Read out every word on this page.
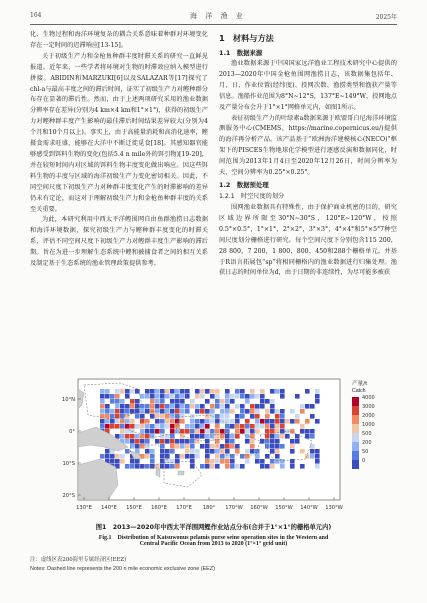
164	海 洋 渔 业	2025年

化、生物过程和海洋环境复杂的耦合关系意味着种群对环境变化存在一定时间的迟滞响应[13-15]。

关于初级生产力和金枪鱼种群丰度时滞关系的研究一直鲜见报道。近年来，一些学者将环境对生物的时滞效应纳入模型进行拼接。ABIDIN和MARZUKI[6]以及SALAZAR等[17]探究了chl-a与最高丰度之间的滞后时间，证实了初级生产力对鲣种群分布存在显著的滞后性。然而，由于上述两项研究采用的渔业数据分辨率存在差异(分别为4 km×4 km和1°×1°)，获得的初级生产力对鲣种群丰度产生影响的最佳滞后时间结果差异较大(分别为4个月和10个月以上)。事实上，由于高能量消耗和高消化速率，鲣摄食需求旺盛，能够在大洋中不断迁徙觅食[18]。其感知器官能够感受到饵料生物的变化(包括5.4 n mile外的饵引物)[19-20]，并在较短时间内对区域的饵料生物丰度变化做出响应。因这些饵料生物的丰度与区域的海洋初级生产力变化密切相关。因此，不同空间尺度下初级生产力对种群丰度变化产生的时滞影响的差异仍未有定论，而这对于理解初级生产力和金枪鱼种群丰度的关系至关重要。

为此，本研究利用中西太平洋鲣围网自由鱼群渔捞日志数据和海洋环境数据，探究初级生产力与鲣种群丰度变化的时滞关系，评估不同空间尺度下初级生产力对鲣群丰度生产影响的滞后期。旨在为进一步理解生态系统中鲣和被捕食者之间的相互关系及制定基于生态系统的渔业管理政策提供参考。

1　材料与方法
1.1　数据来源

渔业数据来源于中国国家远洋渔业工程技术研究中心提供的2013—2020年中国金枪鱼围网渔捞日志，该数据集包括年、月、日、作业位置(经纬度)、投网次数、渔捞类型和渔获产量等信息。渔船作业范围为8°N~12°S，137°E~149°W，投网地点及产量分布会升于1°×1°网格单元内，如图1所示。

表征初级生产力的叶绿素a数据来源于欧盟哥白尼海洋环境监测服务中心(CMEMS，https://marine.copernicus.eu/)提供的海洋再分析产品。该产品基于“欧洲海洋建模核心(NECO)”框架下的PISCES生物地球化学模型进行逐感反演和数据同化，时间范围为2013年1月4日至2020年12月26日，时间分辨率为天，空间分辨率为0.25°×0.25°。

1.2　数据预处理
1.2.1　时空尺度的划分

围网渔业数据具有特殊性，由于保护商业机密的目的，研究区域边界所限至30°N~30°S，120°E~120°W，按照0.5°×0.5°，1°×1°，2°×2°，3°×3°，4°×4°和5°×5°7种空间尺度划分栅格进行研究。每个空间尺度下分别包含115 200，28 800，7 200，1 800，800，450和288个栅格单元。并基于R语言拓展包“sp”将相同栅格内的渔业数据进行归集处理。渔获日志的时间单位为d，由于日期的非连续性，为尽可能多被获

10°N
0°
10°S
20°S
130°E 140°E 150°E 160°E 170°E 180° 170°W 160°W 150°W 140°W 130°W
产量/t
Catch
4000
3000
2000
1000
500
200
50
0
图1　2013—2020年中西太平洋围网鲣作业站点分布(合并于1°×1°的栅格单元内)
Fig.1　Distribution of Katsuwonus pelamis purse seine operation sites in the Western and
Central Pacific Ocean from 2013 to 2020 (1°×1° grid unit)
注：虚线区表200海里专属经济区(EEZ)
Notes: Dashed line represents the 200 n mile economic exclusive zone (EEZ)
